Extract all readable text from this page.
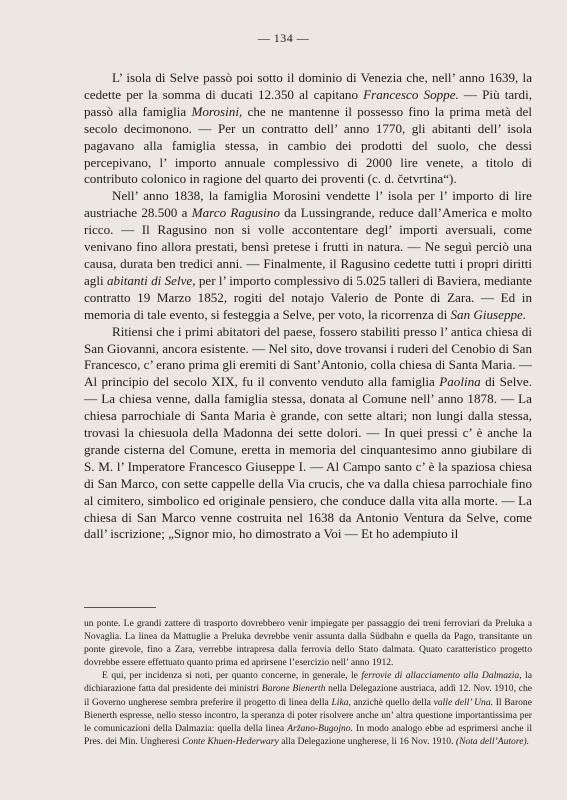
— 134 —

L’ isola di Selve passò poi sotto il dominio di Venezia che, nell’ anno 1639, la cedette per la somma di ducati 12.350 al capitano Francesco Soppe. — Più tardi, passò alla famiglia Morosini, che ne mantenne il possesso fino la prima metà del secolo decimonono. — Per un contratto dell’ anno 1770, gli abitanti dell’ isola pagavano alla famiglia stessa, in cambio dei prodotti del suolo, che dessi percepivano, l’ importo annuale complessivo di 2000 lire venete, a titolo di contributo colonico in ragione del quarto dei proventi (c. d. četvrtina“).

Nell’ anno 1838, la famiglia Morosini vendette l’ isola per l’ importo di lire austriache 28.500 a Marco Ragusino da Lussingrande, reduce dall’America e molto ricco. — Il Ragusino non si volle accontentare degl’ importi aversuali, come venivano fino allora prestati, bensì pretese i frutti in natura. — Ne seguì perciò una causa, durata ben tredici anni. — Finalmente, il Ragusino cedette tutti i propri diritti agli abitanti di Selve, per l’ importo complessivo di 5.025 talleri di Baviera, mediante contratto 19 Marzo 1852, rogiti del notajo Valerio de Ponte di Zara. — Ed in memoria di tale evento, si festeggia a Selve, per voto, la ricorrenza di San Giuseppe.

Ritiensi che i primi abitatori del paese, fossero stabiliti presso l’ antica chiesa di San Giovanni, ancora esistente. — Nel sito, dove trovansi i ruderi del Cenobio di San Francesco, c’ erano prima gli eremiti di Sant’Antonio, colla chiesa di Santa Maria. — Al principio del secolo XIX, fu il convento venduto alla famiglia Paolina di Selve. — La chiesa venne, dalla famiglia stessa, donata al Comune nell’ anno 1878. — La chiesa parrochiale di Santa Maria è grande, con sette altari; non lungi dalla stessa, trovasi la chiesuola della Madonna dei sette dolori. — In quei pressi c’ è anche la grande cisterna del Comune, eretta in memoria del cinquantesimo anno giubilare di S. M. l’ Imperatore Francesco Giuseppe I. — Al Campo santo c’ è la spaziosa chiesa di San Marco, con sette cappelle della Via crucis, che va dalla chiesa parrochiale fino al cimitero, simbolico ed originale pensiero, che conduce dalla vita alla morte. — La chiesa di San Marco venne costruita nel 1638 da Antonio Ventura da Selve, come dall’ iscrizione; „Signor mio, ho dimostrato a Voi — Et ho adempiuto il

un ponte. Le grandi zattere di trasporto dovrebbero venir impiegate per passaggio dei treni ferroviari da Preluka a Novaglia. La linea da Mattuglie a Preluka devrebbe venir assunta dalla Südbahn e quella da Pago, transitante un ponte girevole, fino a Zara, verrebbe intrapresa dalla ferrovia dello Stato dalmata. Quato caratteristico progetto dovrebbe essere effettuato quanto prima ed aprirsene l’esercizio nell’ anno 1912.

E qui, per incidenza si noti, per quanto concerne, in generale, le ferrovie di allacciamento alla Dalmazia, la dichiarazione fatta dal presidente dei ministri Barone Bienerth nella Delegazione austriaca, addì 12. Nov. 1910, che il Governo ungherese sembra preferire il progetto di linea della Lika, anzichè quello della valle dell’ Una. Il Barone Bienerth espresse, nello stesso incontro, la speranza di poter risolvere anche un’ altra questione importantissima per le comunicazioni della Dalmazia: quella della linea Aržano-Bugojno. In modo analogo ebbe ad esprimersi anche il Pres. dei Min. Ungheresi Conte Khuen-Hederwary alla Delegazione ungherese, li 16 Nov. 1910. (Nota dell’Autore).
